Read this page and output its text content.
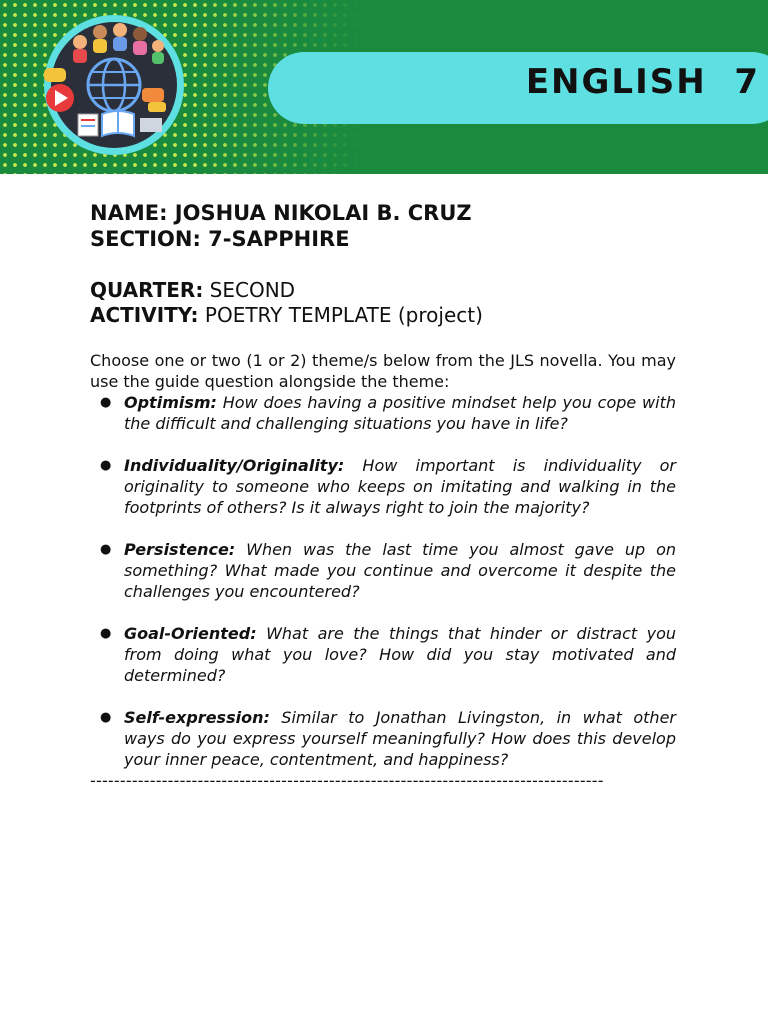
ENGLISH  7

NAME: JOSHUA NIKOLAI B. CRUZ

SECTION: 7-SAPPHIRE

QUARTER: SECOND

ACTIVITY: POETRY TEMPLATE (project)

Choose one or two (1 or 2) theme/s below from the JLS novella. You may use the guide question alongside the theme:

● Optimism: How does having a positive mindset help you cope with the difficult and challenging situations you have in life?
● Individuality/Originality: How important is individuality or originality to someone who keeps on imitating and walking in the footprints of others? Is it always right to join the majority?
● Persistence: When was the last time you almost gave up on something? What made you continue and overcome it despite the challenges you encountered?
● Goal-Oriented: What are the things that hinder or distract you from doing what you love? How did you stay motivated and determined?
● Self-expression: Similar to Jonathan Livingston, in what other ways do you express yourself meaningfully? How does this develop your inner peace, contentment, and happiness?

--------------------------------------------------------------------------------------
